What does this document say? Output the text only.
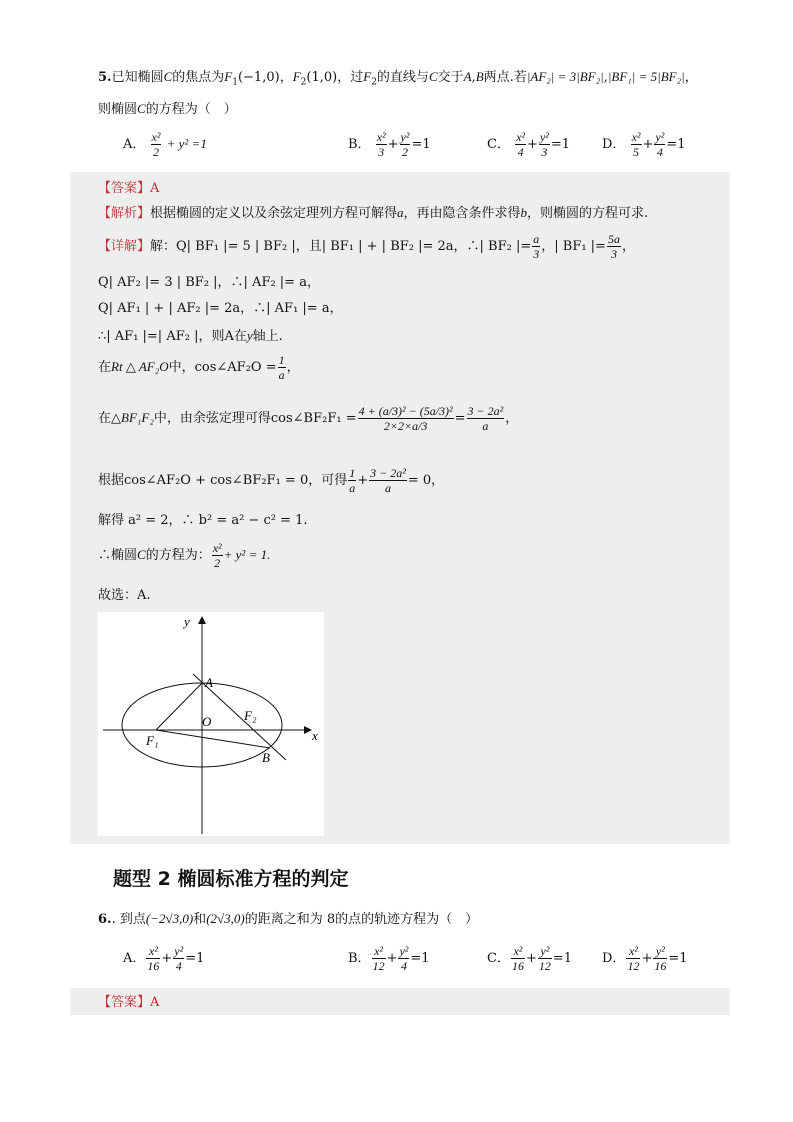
5.已知椭圆C的焦点为$F_1(-1,0)$，$F_2(1,0)$，过$F_2$的直线与C交于A,B两点.若|AF₂| = 3|BF₂|,|BF₁| = 5|BF₂|，
则椭圆C的方程为（　）
A． $\frac{\text{x²}}{2} + y^2 =1$	B． $\frac{\text{x²}}{3} + \frac{\text{y²}}{2} =1$	C． $\frac{\text{x²}}{4} + \frac{\text{y²}}{3} =1$ D． $\frac{\text{x²}}{5} + \frac{\text{y²}}{4} =1$
【答案】A
【解析】根据椭圆的定义以及余弦定理列方程可解得a，再由隐含条件求得b，则椭圆的方程可求.
【详解】解：Q| BF₁ |= 5 | BF₂ |，且| BF₁ | + | BF₂ |= 2a，∴| BF₂ |= $\frac{a}{3}$ ，| BF₁ |= $\frac{5a}{3}$ ，
Q| AF₂ |= 3 | BF₂ |，∴| AF₂ |= a，
Q| AF₁ | + | AF₂ |= 2a，∴| AF₁ |= a，
∴| AF₁ |=| AF₂ |，则A在y轴上.
在Rt △ AF₂O中，cos∠AF₂O = $\frac{1}{a}$ ，
在△BF₁F₂中，由余弦定理可得cos∠BF₂F₁ = $\frac{\text{4 + (a/3)² − (5a/3)²}}{2\times 2\times a/3} = \frac{\text{3 − 2a²}}{a}$ ，
根据cos∠AF₂O + cos∠BF₂F₁ = 0，可得 $\frac{1}{a} + \frac{\text{3 − 2a²}}{a} = 0$，
解得 a² = 2，∴ b² = a² − c² = 1.
∴椭圆C的方程为： $\frac{\text{x²}}{2} + y^2 = 1$.
故选：A.
y
x
A
O	F₂
F₁
B
题型 2 椭圆标准方程的判定
6.. 到点(−2√3,0)和(2√3,0)的距离之和为 8的点的轨迹方程为（　）
A． $\frac{\text{x²}}{16} + \frac{\text{y²}}{4} =1$	B． $\frac{\text{x²}}{12} + \frac{\text{y²}}{4} =1$	C． $\frac{\text{x²}}{16} + \frac{\text{y²}}{12} =1$ D． $\frac{\text{x²}}{12} + \frac{\text{y²}}{16} =1$
【答案】A
